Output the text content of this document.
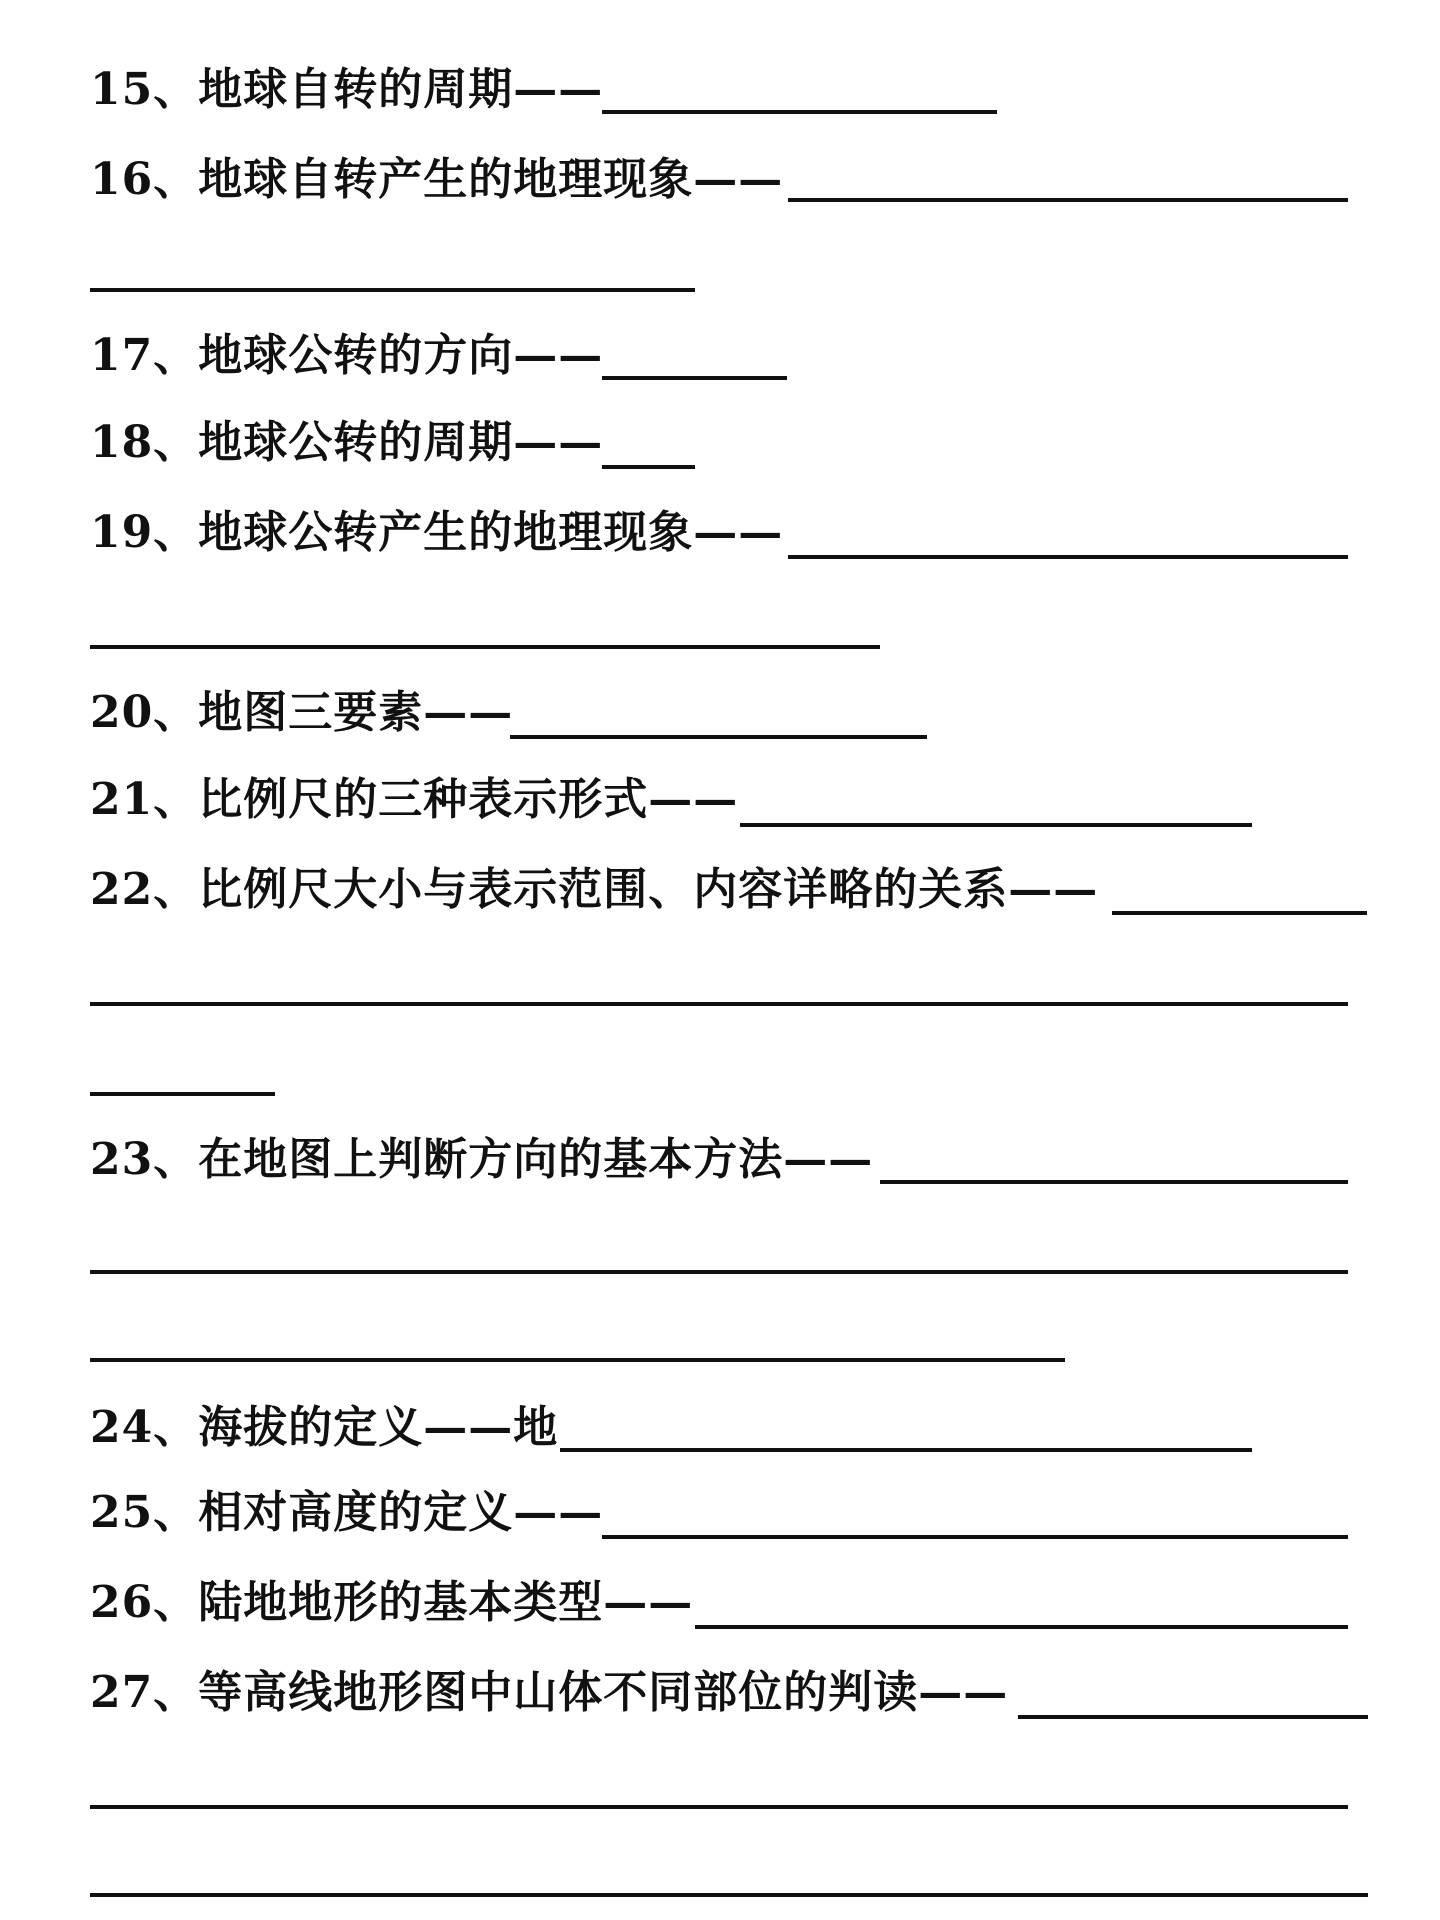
15、地球自转的周期——
16、地球自转产生的地理现象——
17、地球公转的方向——
18、地球公转的周期——
19、地球公转产生的地理现象——
20、地图三要素——
21、比例尺的三种表示形式——
22、比例尺大小与表示范围、内容详略的关系——
23、在地图上判断方向的基本方法——
24、海拔的定义——地
25、相对高度的定义——
26、陆地地形的基本类型——
27、等高线地形图中山体不同部位的判读——
